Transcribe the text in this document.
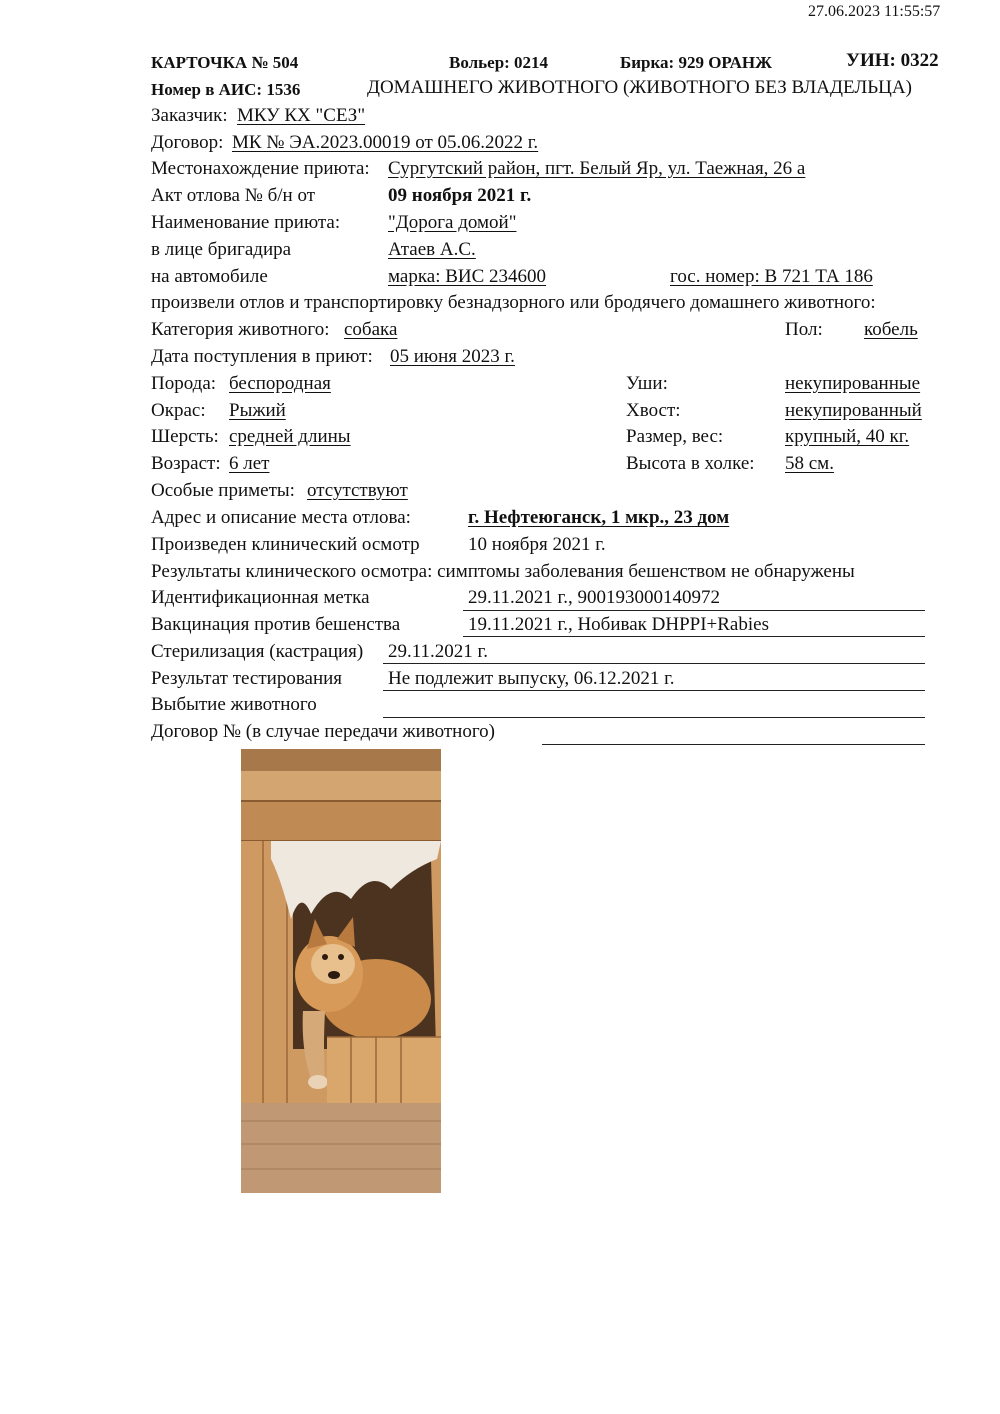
27.06.2023 11:55:57
КАРТОЧКА № 504	Вольер: 0214	Бирка: 929 ОРАНЖ	УИН: 0322
Номер в АИС: 1536	ДОМАШНЕГО ЖИВОТНОГО (ЖИВОТНОГО БЕЗ ВЛАДЕЛЬЦА)
Заказчик: МКУ КХ "СЕЗ"
Договор: МК № ЭА.2023.00019 от 05.06.2022 г.
Местонахождение приюта: Сургутский район, пгт. Белый Яр, ул. Таежная, 26 а
Акт отлова № б/н от	09 ноября 2021 г.
Наименование приюта:	"Дорога домой"
в лице бригадира	Атаев А.С.
на автомобиле	марка: ВИС 234600	гос. номер: В 721 ТА 186
произвели отлов и транспортировку безнадзорного или бродячего домашнего животного:
Категория животного: собака	Пол: кобель
Дата поступления в приют: 05 июня 2023 г.
Порода: беспородная	Уши:	некупированные
Окрас: Рыжий	Хвост:	некупированный
Шерсть: средней длины	Размер, вес:	крупный, 40 кг.
Возраст: 6 лет	Высота в холке: 58 см.
Особые приметы: отсутствуют
Адрес и описание места отлова:	г. Нефтеюганск, 1 мкр., 23 дом
Произведен клинический осмотр	10 ноября 2021 г.
Результаты клинического осмотра: симптомы заболевания бешенством не обнаружены
Идентификационная метка	29.11.2021 г., 900193000140972
Вакцинация против бешенства	19.11.2021 г., Нобивак DHPPI+Rabies
Стерилизация (кастрация) 29.11.2021 г.
Результат тестирования Не подлежит выпуску, 06.12.2021 г.
Выбытие животного
Договор № (в случае передачи животного)
